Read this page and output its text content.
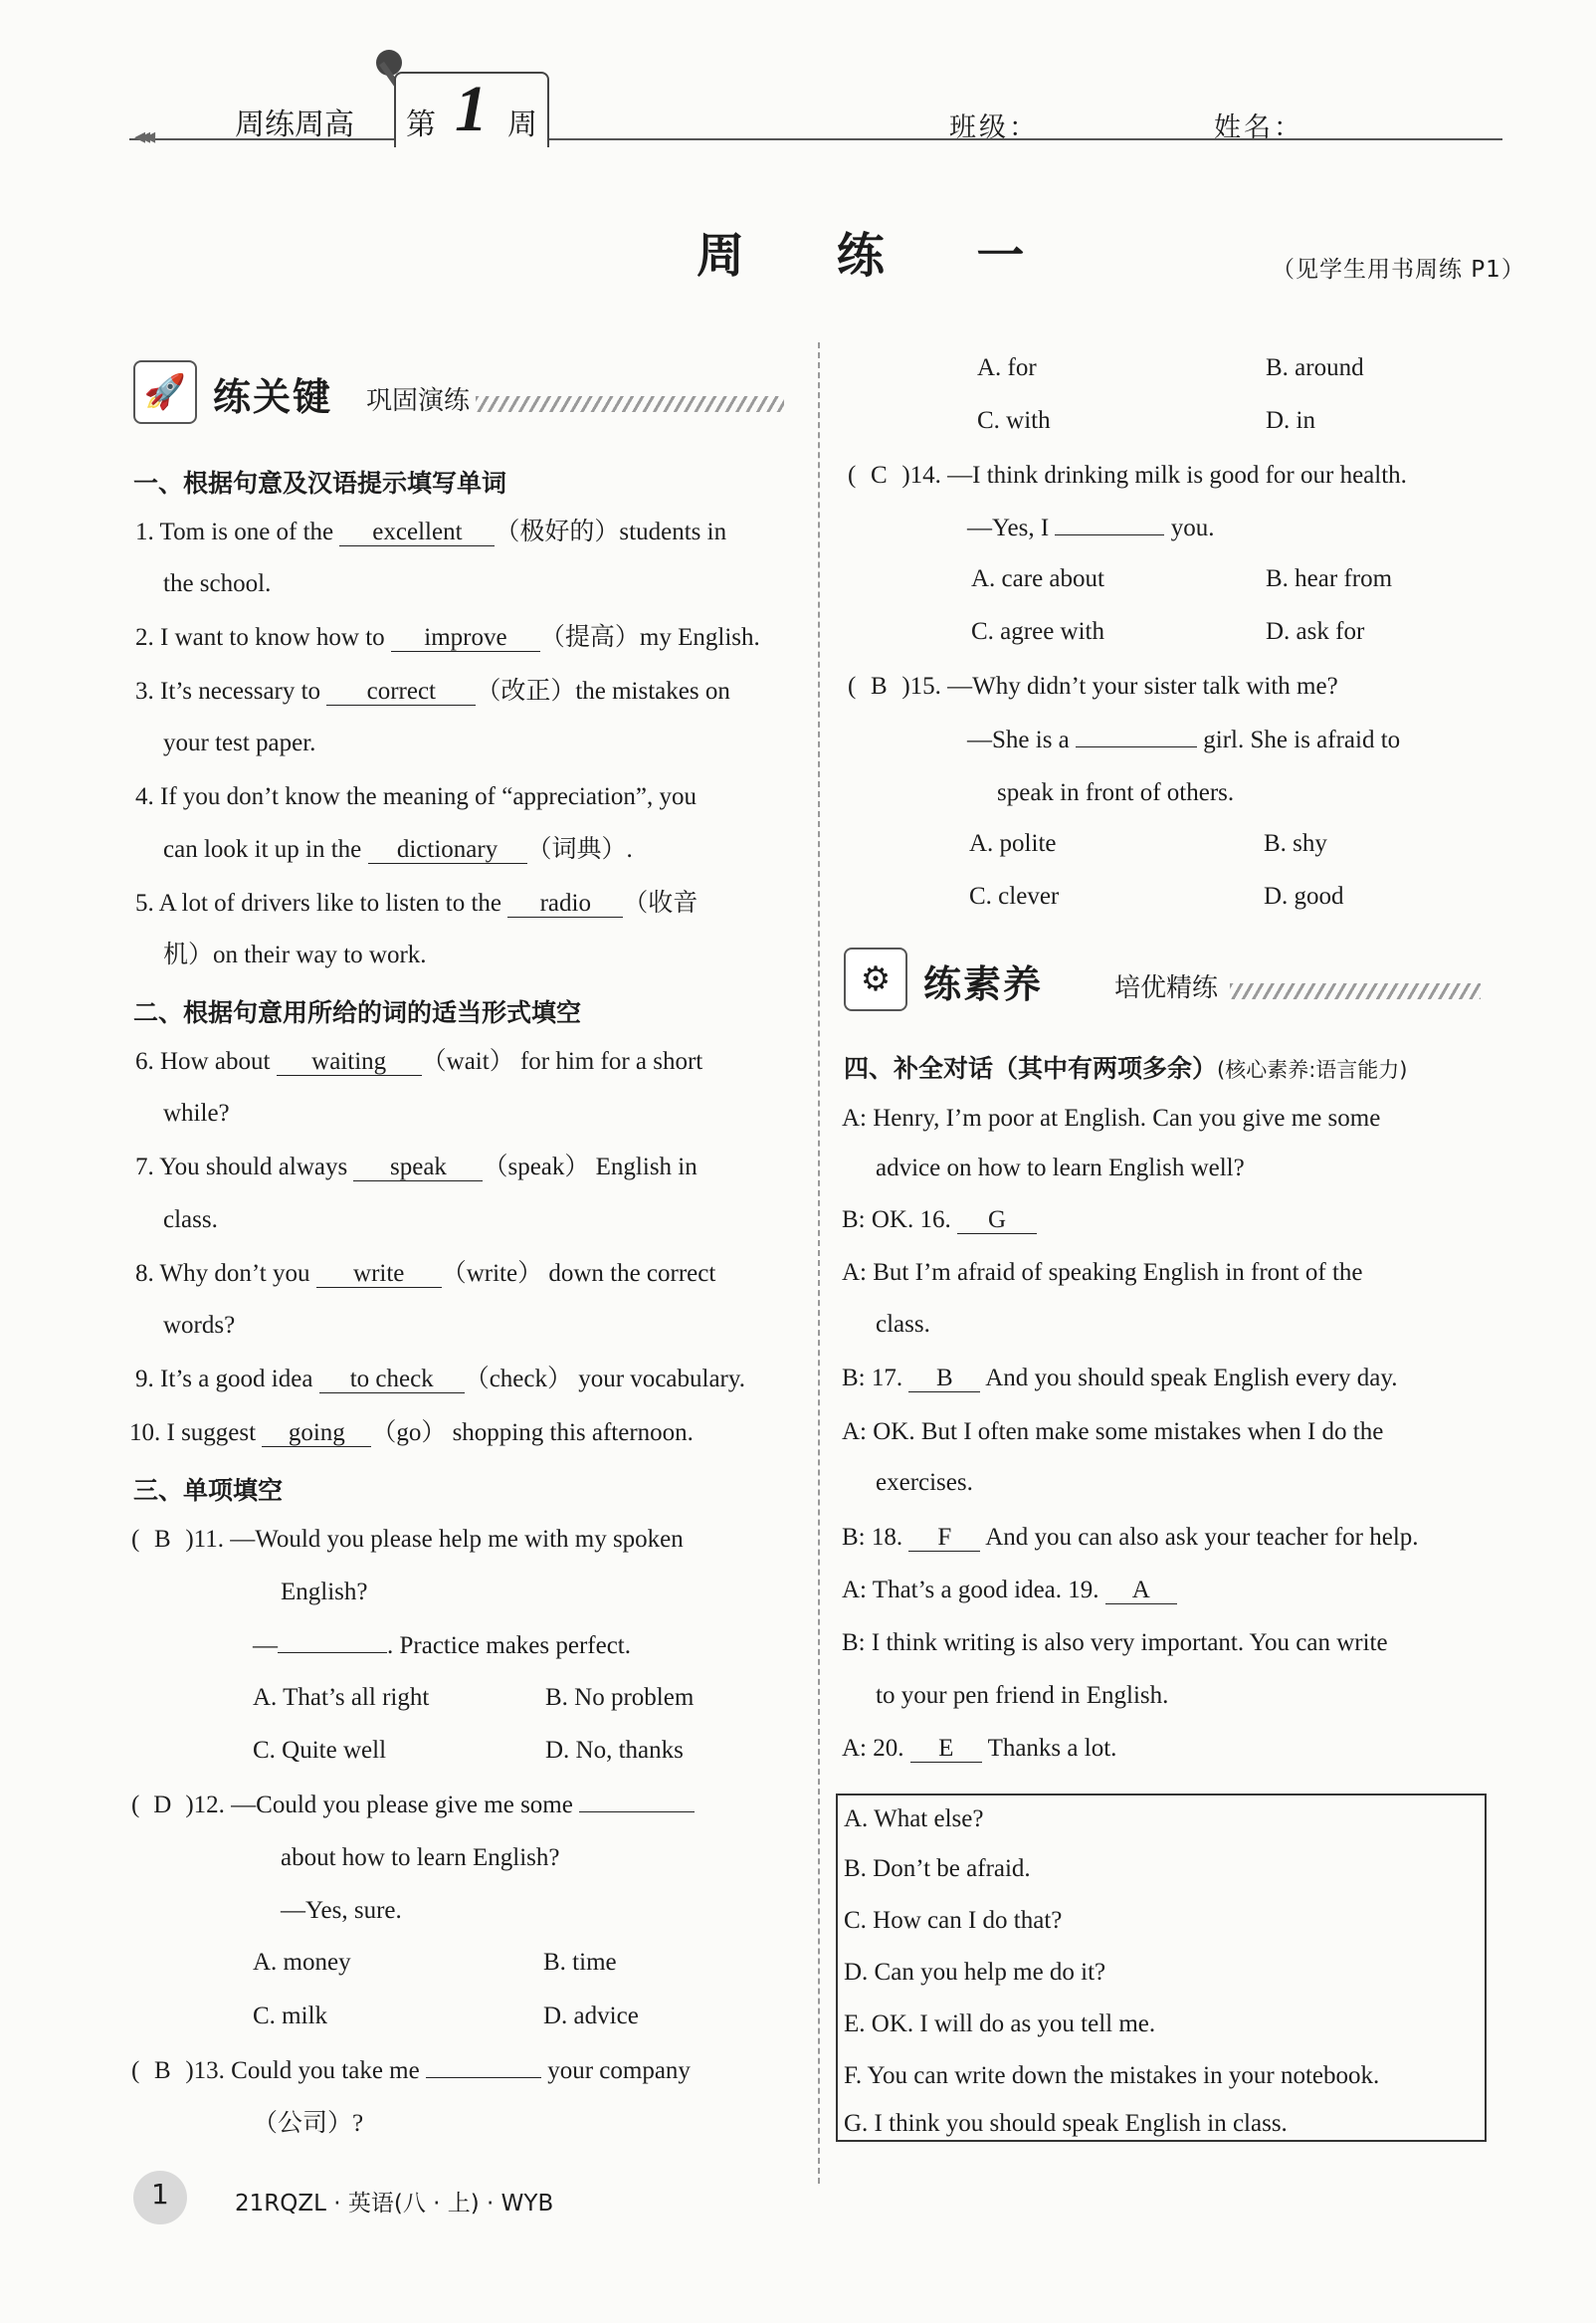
◂◂◂	周练周高 第 1 周	班级：	姓名：
周 练 一	（见学生用书周练 P1）
🚀 练关键 巩固演练
一、根据句意及汉语提示填写单词
1. Tom is one of the excellent （极好的）students in
the school.
2. I want to know how to improve （提高）my English.
3. It’s necessary to correct （改正）the mistakes on
your test paper.
4. If you don’t know the meaning of “appreciation”, you
can look it up in the dictionary （词典）.
5. A lot of drivers like to listen to the radio （收音
机）on their way to work.
二、根据句意用所给的词的适当形式填空
6. How about waiting （wait） for him for a short
while?
7. You should always speak （speak） English in
class.
8. Why don’t you write （write） down the correct
words?
9. It’s a good idea to check （check） your vocabulary.
10. I suggest going （go） shopping this afternoon.
三、单项填空
( B )11. —Would you please help me with my spoken
English?
—	. Practice makes perfect.
A. That’s all right	B. No problem
C. Quite well	D. No, thanks
( D )12. —Could you please give me some
about how to learn English?
—Yes, sure.
A. money	B. time
C. milk	D. advice
( B )13. Could you take me	your company
（公司）?
A. for	B. around
C. with	D. in
( C )14. —I think drinking milk is good for our health.
—Yes, I	you.
A. care about	B. hear from
C. agree with	D. ask for
( B )15. —Why didn’t your sister talk with me?
—She is a	girl. She is afraid to
speak in front of others.
A. polite	B. shy
C. clever	D. good
⚙ 练素养	培优精练
四、补全对话（其中有两项多余）(核心素养:语言能力)
A: Henry, I’m poor at English. Can you give me some
advice on how to learn English well?
B: OK. 16. G
A: But I’m afraid of speaking English in front of the
class.
B: 17. B And you should speak English every day.
A: OK. But I often make some mistakes when I do the
exercises.
B: 18. F And you can also ask your teacher for help.
A: That’s a good idea. 19. A
B: I think writing is also very important. You can write
to your pen friend in English.
A: 20. E Thanks a lot.
A. What else?
B. Don’t be afraid.
C. How can I do that?
D. Can you help me do it?
E. OK. I will do as you tell me.
F. You can write down the mistakes in your notebook.
G. I think you should speak English in class.
1	21RQZL · 英语(八 · 上) · WYB
